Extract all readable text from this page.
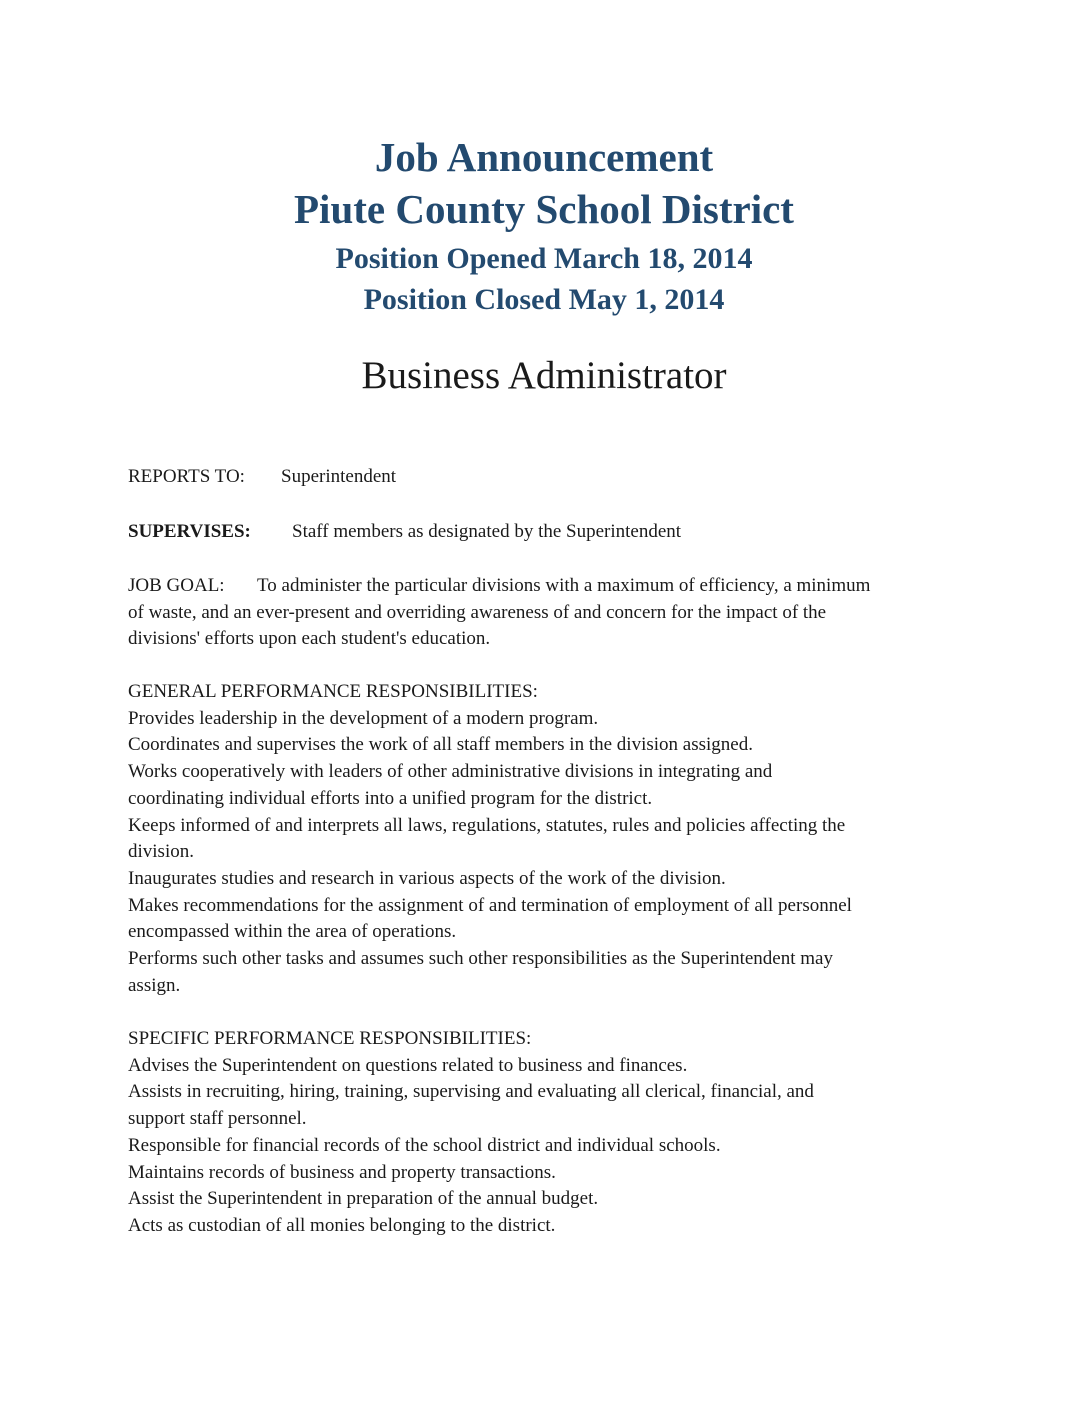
Job Announcement
Piute County School District
Position Opened March 18, 2014
Position Closed May 1, 2014
Business Administrator
REPORTS TO: Superintendent
SUPERVISES: Staff members as designated by the Superintendent
JOB GOAL: To administer the particular divisions with a maximum of efficiency, a minimum
of waste, and an ever-present and overriding awareness of and concern for the impact of the
divisions' efforts upon each student's education.
GENERAL PERFORMANCE RESPONSIBILITIES:
Provides leadership in the development of a modern program.
Coordinates and supervises the work of all staff members in the division assigned.
Works cooperatively with leaders of other administrative divisions in integrating and
coordinating individual efforts into a unified program for the district.
Keeps informed of and interprets all laws, regulations, statutes, rules and policies affecting the
division.
Inaugurates studies and research in various aspects of the work of the division.
Makes recommendations for the assignment of and termination of employment of all personnel
encompassed within the area of operations.
Performs such other tasks and assumes such other responsibilities as the Superintendent may
assign.
SPECIFIC PERFORMANCE RESPONSIBILITIES:
Advises the Superintendent on questions related to business and finances.
Assists in recruiting, hiring, training, supervising and evaluating all clerical, financial, and
support staff personnel.
Responsible for financial records of the school district and individual schools.
Maintains records of business and property transactions.
Assist the Superintendent in preparation of the annual budget.
Acts as custodian of all monies belonging to the district.
